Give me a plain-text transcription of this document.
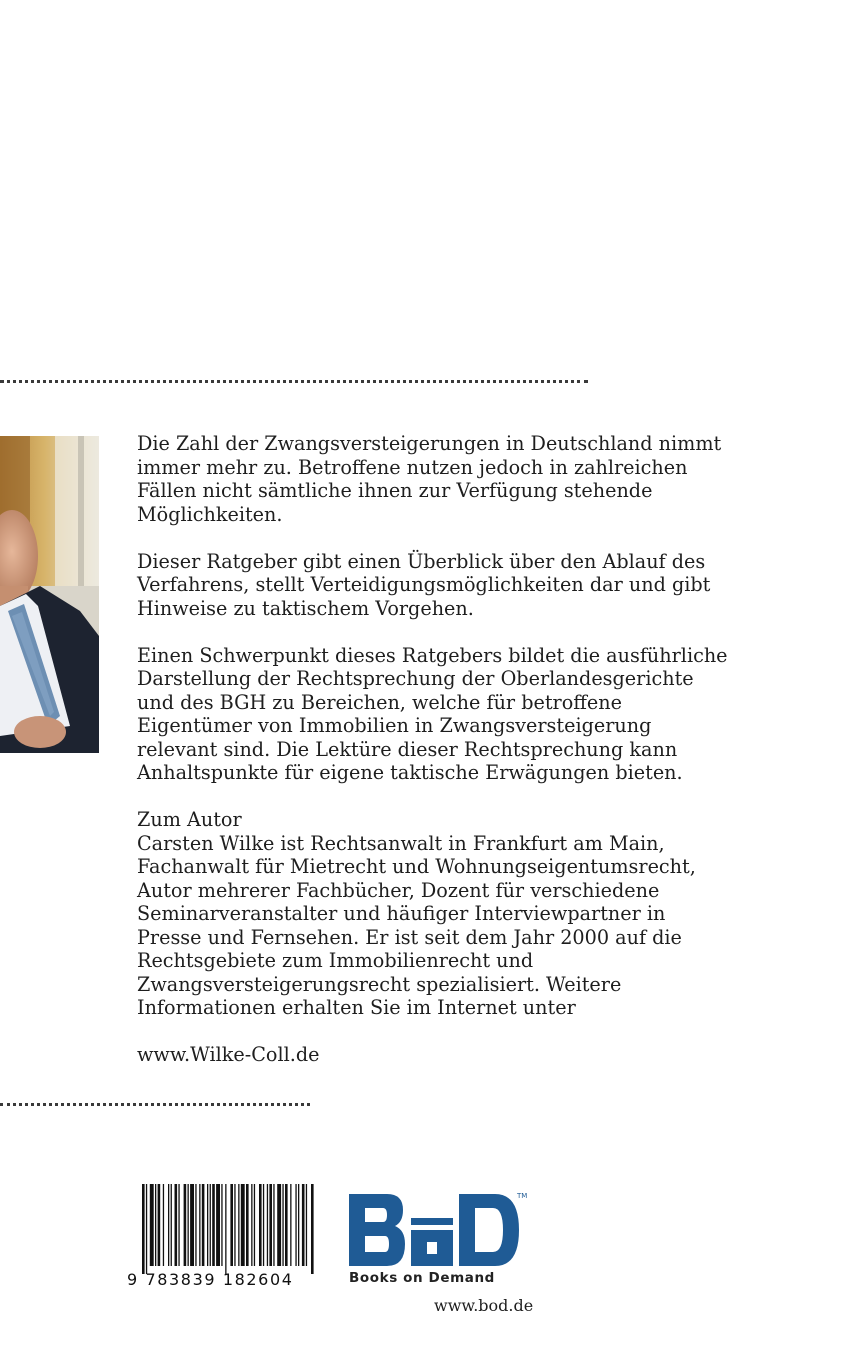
Die Zahl der Zwangsversteigerungen in Deutschland nimmt
immer mehr zu. Betroffene nutzen jedoch in zahlreichen
Fällen nicht sämtliche ihnen zur Verfügung stehende
Möglichkeiten.

Dieser Ratgeber gibt einen Überblick über den Ablauf des
Verfahrens, stellt Verteidigungsmöglichkeiten dar und gibt
Hinweise zu taktischem Vorgehen.

Einen Schwerpunkt dieses Ratgebers bildet die ausführliche
Darstellung der Rechtsprechung der Oberlandesgerichte
und des BGH zu Bereichen, welche für betroffene
Eigentümer von Immobilien in Zwangsversteigerung
relevant sind. Die Lektüre dieser Rechtsprechung kann
Anhaltspunkte für eigene taktische Erwägungen bieten.

Zum Autor
Carsten Wilke ist Rechtsanwalt in Frankfurt am Main,
Fachanwalt für Mietrecht und Wohnungseigentumsrecht,
Autor mehrerer Fachbücher, Dozent für verschiedene
Seminarveranstalter und häufiger Interviewpartner in
Presse und Fernsehen. Er ist seit dem Jahr 2000 auf die
Rechtsgebiete zum Immobilienrecht und
Zwangsversteigerungsrecht spezialisiert. Weitere
Informationen erhalten Sie im Internet unter

www.Wilke-Coll.de

9 783839 182604
TM
Books on Demand
www.bod.de
